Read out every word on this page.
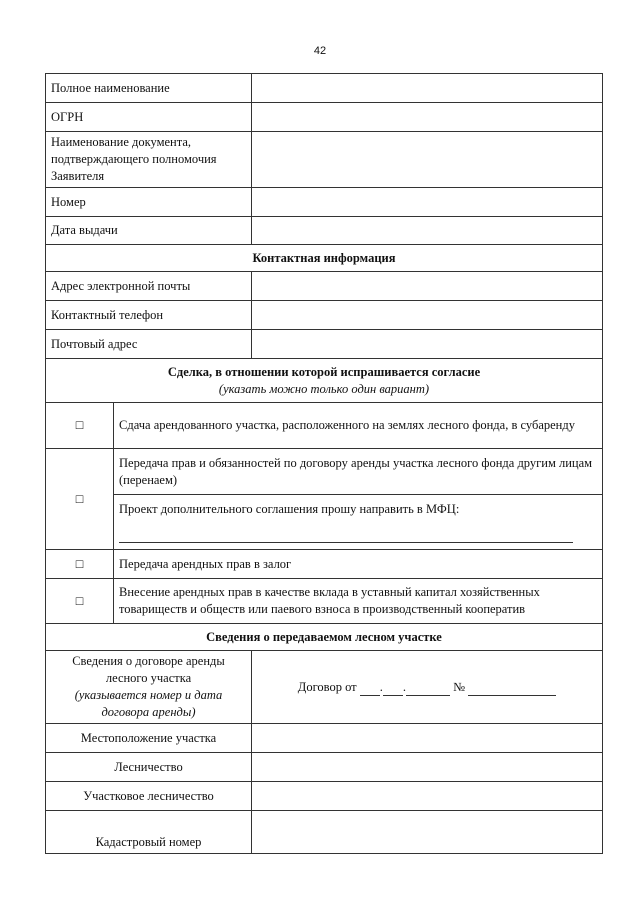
42
Полное наименование		
ОГРН		
Наименование документа, подтверждающего полномочия Заявителя		
Номер		
Дата выдачи		
Контактная информация		
Адрес электронной почты		
Контактный телефон		
Почтовый адрес		

Сделка, в отношении которой испрашивается согласие
(указать можно только один вариант)		

□	Сдача арендованного участка, расположенного на землях лесного фонда, в субаренду	
□	Передача прав и обязанностей по договору аренды участка лесного фонда другим лицам (перенаем)	

	Проект дополнительного соглашения прошу направить в МФЦ:	

□	Передача арендных прав в залог	
□	Внесение арендных прав в качестве вклада в уставный капитал хозяйственных товариществ и обществ или паевого взноса в производственный кооператив	
Сведения о передаваемом лесном участке		

Сведения о договоре аренды лесного участка
(указывается номер и дата договора аренды)		Договор от . . №
Местоположение участка		
Лесничество		
Участковое лесничество		
Кадастровый номер		
